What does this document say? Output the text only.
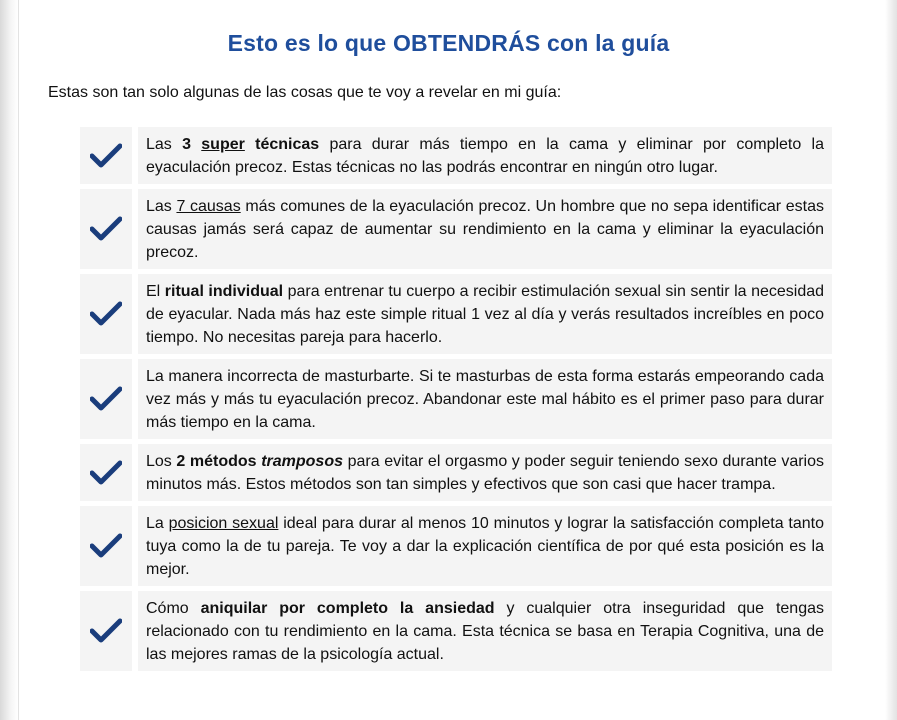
Esto es lo que OBTENDRÁS con la guía
Estas son tan solo algunas de las cosas que te voy a revelar en mi guía:
Las 3 super técnicas para durar más tiempo en la cama y eliminar por completo la eyaculación precoz. Estas técnicas no las podrás encontrar en ningún otro lugar.
Las 7 causas más comunes de la eyaculación precoz. Un hombre que no sepa identificar estas causas jamás será capaz de aumentar su rendimiento en la cama y eliminar la eyaculación precoz.
El ritual individual para entrenar tu cuerpo a recibir estimulación sexual sin sentir la necesidad de eyacular. Nada más haz este simple ritual 1 vez al día y verás resultados increíbles en poco tiempo. No necesitas pareja para hacerlo.
La manera incorrecta de masturbarte. Si te masturbas de esta forma estarás empeorando cada vez más y más tu eyaculación precoz. Abandonar este mal hábito es el primer paso para durar más tiempo en la cama.
Los 2 métodos tramposos para evitar el orgasmo y poder seguir teniendo sexo durante varios minutos más. Estos métodos son tan simples y efectivos que son casi que hacer trampa.
La posicion sexual ideal para durar al menos 10 minutos y lograr la satisfacción completa tanto tuya como la de tu pareja. Te voy a dar la explicación científica de por qué esta posición es la mejor.
Cómo aniquilar por completo la ansiedad y cualquier otra inseguridad que tengas relacionado con tu rendimiento en la cama. Esta técnica se basa en Terapia Cognitiva, una de las mejores ramas de la psicología actual.
